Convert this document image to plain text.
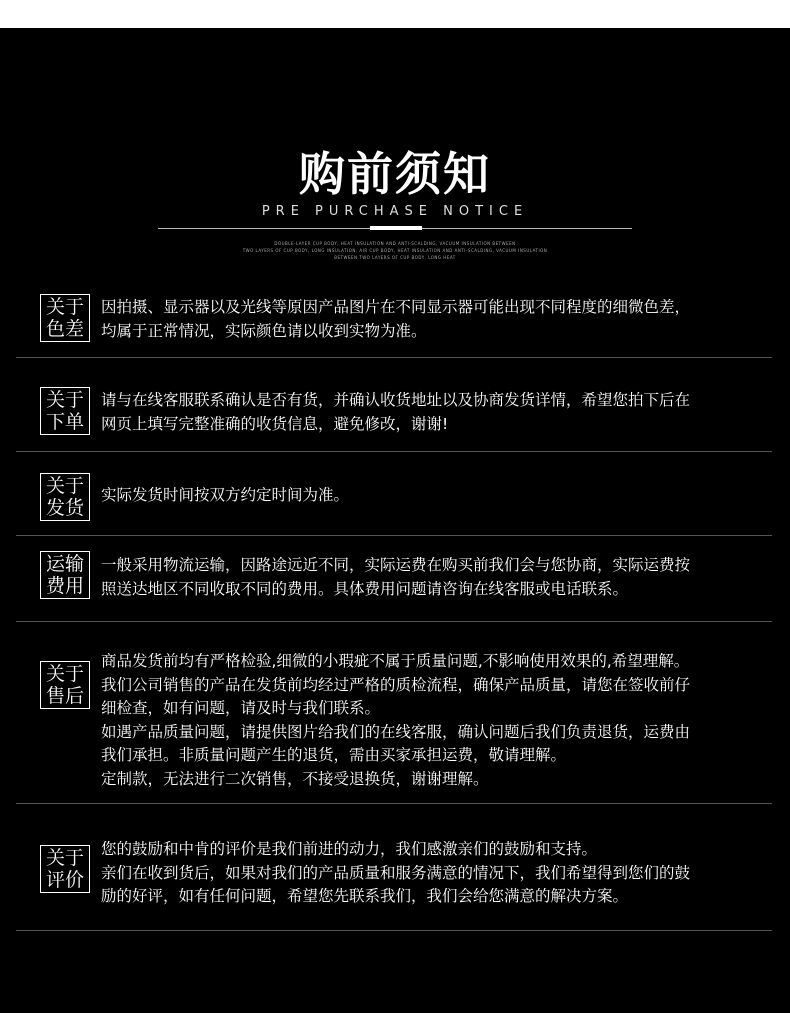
购前须知
PRE PURCHASE NOTICE
DOUBLE-LAYER CUP BODY, HEAT INSULATION AND ANTI-SCALDING, VACUUM INSULATION BETWEEN
TWO LAYERS OF CUP BODY, LONG INSULATION, AIR CUP BODY, HEAT INSULATION AND ANTI-SCALDING, VACUUM INSULATION
BETWEEN TWO LAYERS OF CUP BODY, LONG HEAT
关于
色差
因拍摄、显示器以及光线等原因产品图片在不同显示器可能出现不同程度的细微色差，
均属于正常情况，实际颜色请以收到实物为准。
关于
下单
请与在线客服联系确认是否有货，并确认收货地址以及协商发货详情，希望您拍下后在
网页上填写完整准确的收货信息，避免修改，谢谢!
关于
发货
实际发货时间按双方约定时间为准。
运输
费用
一般采用物流运输，因路途远近不同，实际运费在购买前我们会与您协商，实际运费按
照送达地区不同收取不同的费用。具体费用问题请咨询在线客服或电话联系。
关于
售后
商品发货前均有严格检验,细微的小瑕疵不属于质量问题,不影响使用效果的,希望理解。
我们公司销售的产品在发货前均经过严格的质检流程，确保产品质量，请您在签收前仔
细检查，如有问题，请及时与我们联系。
如遇产品质量问题，请提供图片给我们的在线客服，确认问题后我们负责退货，运费由
我们承担。非质量问题产生的退货，需由买家承担运费，敬请理解。
定制款，无法进行二次销售，不接受退换货，谢谢理解。
关于
评价
您的鼓励和中肯的评价是我们前进的动力，我们感激亲们的鼓励和支持。
亲们在收到货后，如果对我们的产品质量和服务满意的情况下，我们希望得到您们的鼓
励的好评，如有任何问题，希望您先联系我们，我们会给您满意的解决方案。
